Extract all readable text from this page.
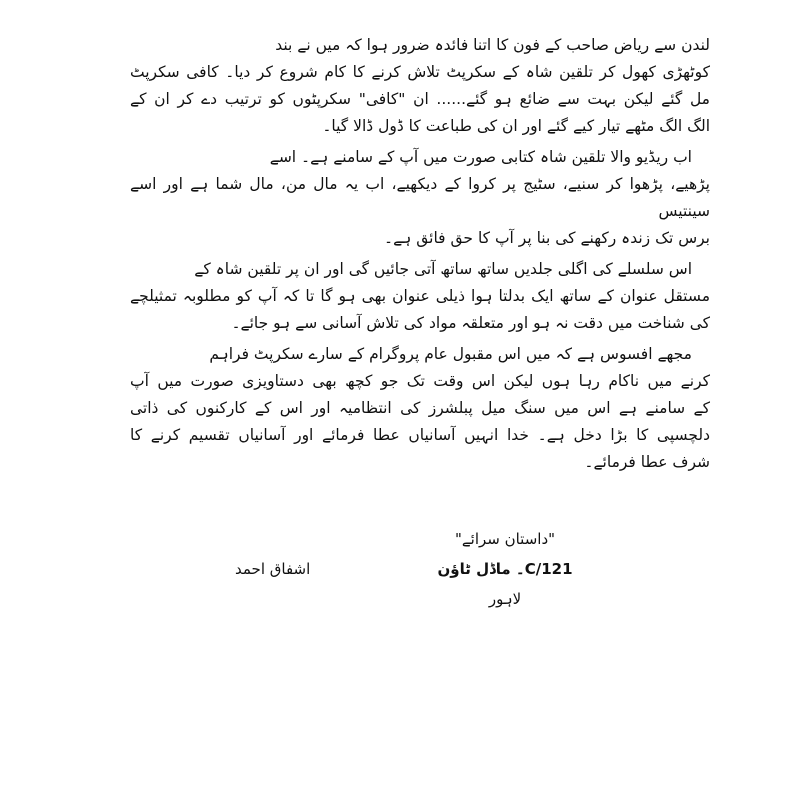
لندن سے ریاض صاحب کے فون کا اتنا فائدہ ضرور ہوا کہ میں نے بند
کوٹھڑی کھول کر تلقین شاہ کے سکرپٹ تلاش کرنے کا کام شروع کر دیا۔ کافی سکرپٹ
مل گئے لیکن بہت سے ضائع ہو گئے...... ان "کافی" سکرپٹوں کو ترتیب دے کر ان کے
الگ الگ مٹھے تیار کیے گئے اور ان کی طباعت کا ڈول ڈالا گیا۔
اب ریڈیو والا تلقین شاہ کتابی صورت میں آپ کے سامنے ہے۔ اسے
پڑھیے، پڑھوا کر سنیے، سٹیج پر کروا کے دیکھیے، اب یہ مال من، مال شما ہے اور اسے سینتیس
برس تک زندہ رکھنے کی بنا پر آپ کا حق فائق ہے۔
اس سلسلے کی اگلی جلدیں ساتھ ساتھ آتی جائیں گی اور ان پر تلقین شاہ کے
مستقل عنوان کے ساتھ ایک بدلتا ہوا ذیلی عنوان بھی ہو گا تا کہ آپ کو مطلوبہ تمثیلچے
کی شناخت میں دقت نہ ہو اور متعلقہ مواد کی تلاش آسانی سے ہو جائے۔
مجھے افسوس ہے کہ میں اس مقبول عام پروگرام کے سارے سکرپٹ فراہم
کرنے میں ناکام رہا ہوں لیکن اس وقت تک جو کچھ بھی دستاویزی صورت میں آپ
کے سامنے ہے اس میں سنگ میل پبلشرز کی انتظامیہ اور اس کے کارکنوں کی ذاتی
دلچسپی کا بڑا دخل ہے۔ خدا انہیں آسانیاں عطا فرمائے اور آسانیاں تقسیم کرنے کا
شرف عطا فرمائے۔
"داستان سرائے"
121/C۔ ماڈل ٹاؤن
لاہور
اشفاق احمد
